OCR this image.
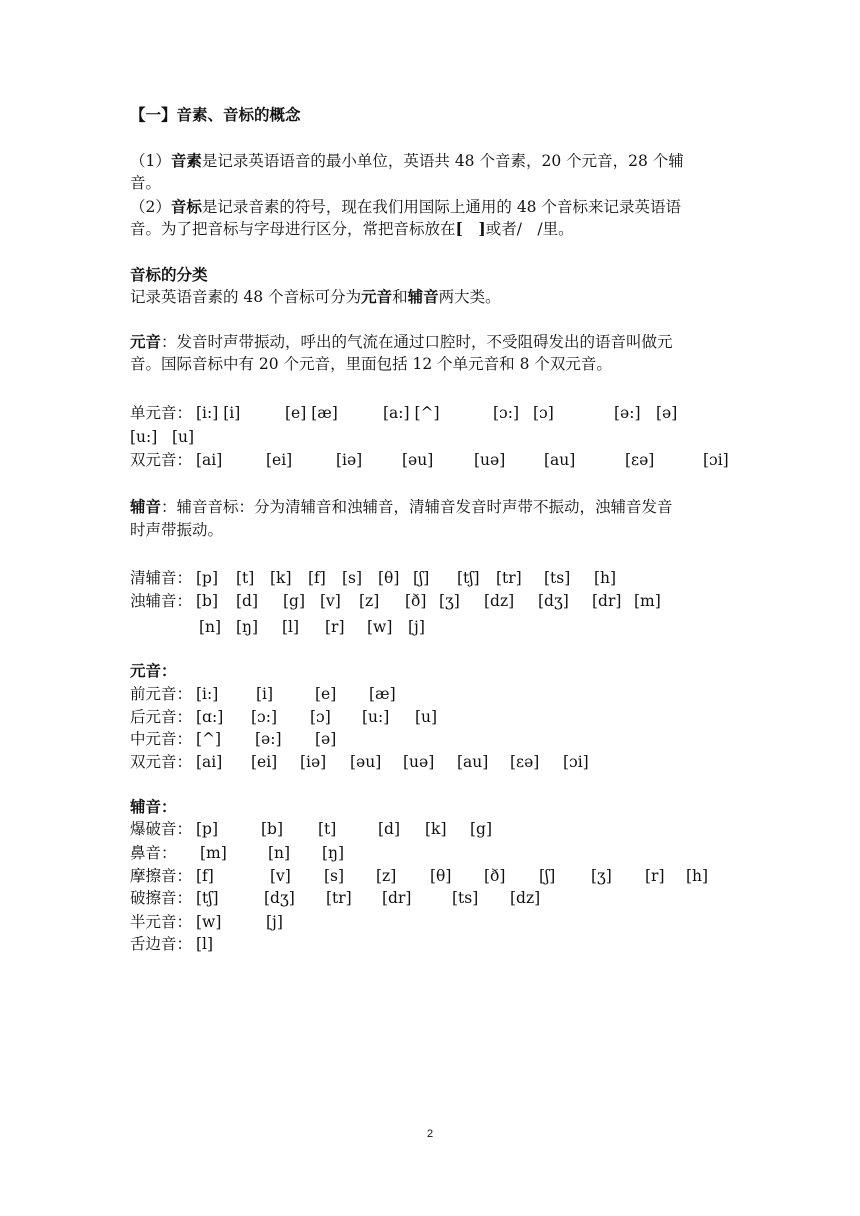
【一】音素、音标的概念
（1）音素是记录英语语音的最小单位，英语共 48 个音素，20 个元音，28 个辅
音。
（2）音标是记录音素的符号，现在我们用国际上通用的 48 个音标来记录英语语
音。为了把音标与字母进行区分，常把音标放在[　]或者/　/里。
音标的分类
记录英语音素的 48 个音标可分为元音和辅音两大类。
元音：发音时声带振动，呼出的气流在通过口腔时，不受阻碍发出的语音叫做元
音。国际音标中有 20 个元音，里面包括 12 个单元音和 8 个双元音。
单元音： [i:] [i]	[e] [æ]	[a:] [^]	[ɔ:] [ɔ]	[ə:] [ə]
[u:] [u]
双元音： [ai]	[ei]	[iə]	[əu]	[uə]	[au]	[εə]	[ɔi]
辅音：辅音音标：分为清辅音和浊辅音，清辅音发音时声带不振动，浊辅音发音
时声带振动。
清辅音： [p] [t] [k] [f] [s] [θ] [ʃ] [tʃ] [tr] [ts] [h]
浊辅音： [b] [d] [g] [v] [z] [ð] [ʒ] [dz] [dʒ] [dr] [m]
[n] [ŋ] [l] [r] [w] [j]
元音：
前元音： [i:] [i]	[e] [æ]
后元音： [ɑ:] [ɔ:] [ɔ] [u:] [u]
中元音： [^] [ə:] [ə]
双元音： [ai] [ei] [iə] [əu] [uə] [au] [εə] [ɔi]
辅音：
爆破音： [p]	[b] [t]	[d] [k] [g]
鼻音： [m]	[n] [ŋ]
摩擦音： [f]	[v] [s] [z] [θ] [ð] [ʃ] [ʒ] [r] [h]
破擦音： [tʃ]	[dʒ] [tr] [dr]	[ts] [dz]
半元音： [w]	[j]
舌边音： [l]
2
